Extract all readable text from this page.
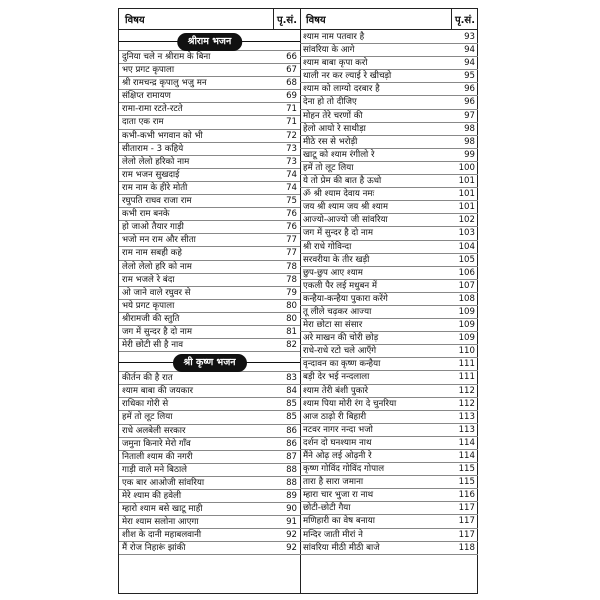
विषय	पृ.सं.
श्रीराम भजन
दुनिया चले न श्रीराम के बिना	66
भए प्रगट कृपाला	67
श्री रामचन्द्र कृपालु भजु मन	68
संक्षिप्त रामायण	69
रामा-रामा रटते-रटते	71
दाता एक राम	71
कभी-कभी भगवान को भी	72
सीताराम - 3 कहिये	73
लेलो लेलो हरिको नाम	73
राम भजन सुखदाई	74
राम नाम के हीरे मोती	74
रघुपति राघव राजा राम	75
कभी राम बनके	76
हो जाओ तैयार गाड़ी	76
भजो मन राम और सीता	77
राम नाम सबही कहे	77
लेलो लेलो हरि को नाम	78
राम भजले रे बंदा	78
ओ जाने वाले रघुवर से	79
भये प्रगट कृपाला	80
श्रीरामजी की स्तुति	80
जग में सुन्दर है दो नाम	81
मेरी छोटी सी है नाव	82
श्री कृष्ण भजन
कीर्तन की है रात	83
श्याम बाबा की जयकार	84
राधिका गोरी से	85
हमें तो लूट लिया	85
राधे अलबेली सरकार	86
जमुना किनारे मेरो गाँव	86
निताली श्याम की नगरी	87
गाड़ी वाले मने बिठाले	88
एक बार आओजी सांवरिया	88
मेरे श्याम की हवेली	89
म्हारो श्याम बसे खाटू माही	90
मेरा श्याम सलोना आएगा	91
शीश के दानी महाबलवानी	92
मैं रोज निहारूं झांकी	92
विषय	पृ.सं.
श्याम नाम पतवार है	93
सांवरिया के आगे	94
श्याम बाबा कृपा करो	94
थाली नर कर ल्याई रे खीचड़ो	95
श्याम को लाग्यो दरबार है	96
देना हो तो दीजिए	96
मोहन तेरे चरणों की	97
हेलो आयो रे साथीड़ा	98
मीठे रस से भरोड़ी	98
खाटू को श्याम रंगीलो रे	99
हमें तो लूट लिया	100
ये तो प्रेम की बात है ऊधो	101
ॐ श्री श्याम देवाय नमः	101
जय श्री श्याम जय श्री श्याम	101
आज्यो-आज्यो जी सांवरिया	102
जग में सुन्दर है दो नाम	103
श्री राधे गोविन्दा	104
सरवरीया के तीर खड़ी	105
छुप-छुप आए श्याम	106
एकली पैर लई मधुबन में	107
कन्हैया-कन्हैया पुकारा करेंगे	108
तू लीले चढ़कर आज्या	109
मेरा छोटा सा संसार	109
अरे माखन की चोरी छोड़	109
राधे-राधे रटो चले आएँगे	110
वृन्दावन का कृष्ण कन्हैया	111
बड़ी देर भई नन्दलाला	111
श्याम तेरी बंशी पुकारे	112
श्याम पिया मोरी रंग दे चुनरिया	112
आज ठाढ़ो री बिहारी	113
नटवर नागर नन्दा भजो	113
दर्शन दो घनश्याम नाथ	114
मैंने ओढ़ लई ओढ़नी रे	114
कृष्ण गोविंद गोविंद गोपाल	115
तारा है सारा जमाना	115
म्हारा चार भुजा रा नाथ	116
छोटी-छोटी गैया	117
मणिहारी का वेष बनाया	117
मन्दिर जाती मीरां ने	117
सांवरिया मीठी मीठी बाजे	118
